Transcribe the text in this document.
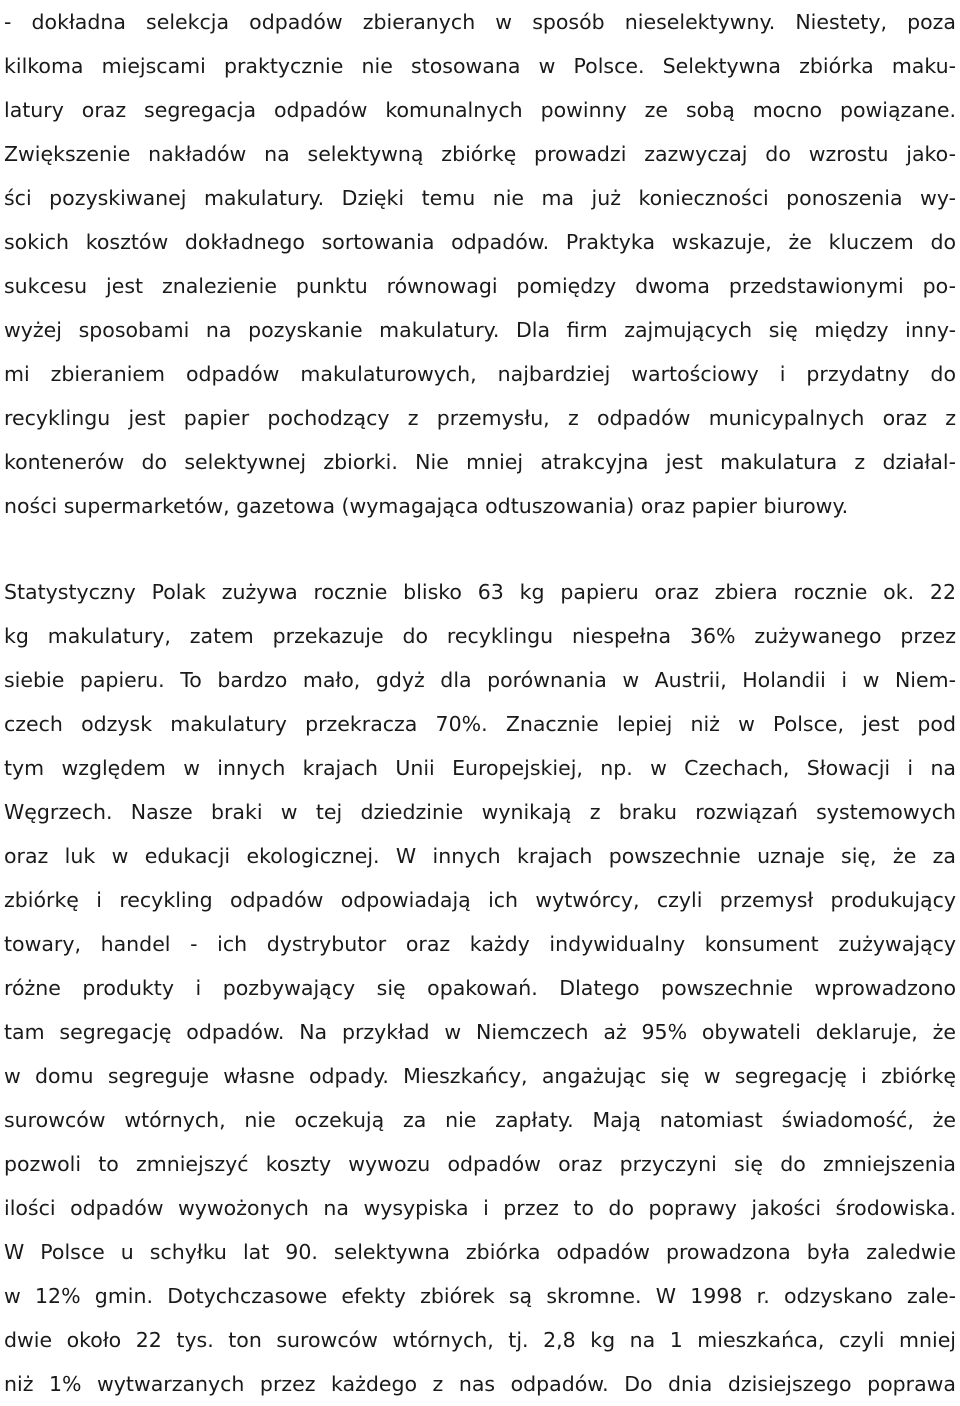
- dokładna selekcja odpadów zbieranych w sposób nieselektywny. Niestety, poza
kilkoma miejscami praktycznie nie stosowana w Polsce. Selektywna zbiórka maku-
latury oraz segregacja odpadów komunalnych powinny ze sobą mocno powiązane.
Zwiększenie nakładów na selektywną zbiórkę prowadzi zazwyczaj do wzrostu jako-
ści pozyskiwanej makulatury. Dzięki temu nie ma już konieczności ponoszenia wy-
sokich kosztów dokładnego sortowania odpadów. Praktyka wskazuje, że kluczem do
sukcesu jest znalezienie punktu równowagi pomiędzy dwoma przedstawionymi po-
wyżej sposobami na pozyskanie makulatury. Dla firm zajmujących się między inny-
mi zbieraniem odpadów makulaturowych, najbardziej wartościowy i przydatny do
recyklingu jest papier pochodzący z przemysłu, z odpadów municypalnych oraz z
kontenerów do selektywnej zbiorki. Nie mniej atrakcyjna jest makulatura z działal-
ności supermarketów, gazetowa (wymagająca odtuszowania) oraz papier biurowy.
Statystyczny Polak zużywa rocznie blisko 63 kg papieru oraz zbiera rocznie ok. 22
kg makulatury, zatem przekazuje do recyklingu niespełna 36% zużywanego przez
siebie papieru. To bardzo mało, gdyż dla porównania w Austrii, Holandii i w Niem-
czech odzysk makulatury przekracza 70%. Znacznie lepiej niż w Polsce, jest pod
tym względem w innych krajach Unii Europejskiej, np. w Czechach, Słowacji i na
Węgrzech. Nasze braki w tej dziedzinie wynikają z braku rozwiązań systemowych
oraz luk w edukacji ekologicznej. W innych krajach powszechnie uznaje się, że za
zbiórkę i recykling odpadów odpowiadają ich wytwórcy, czyli przemysł produkujący
towary, handel - ich dystrybutor oraz każdy indywidualny konsument zużywający
różne produkty i pozbywający się opakowań. Dlatego powszechnie wprowadzono
tam segregację odpadów. Na przykład w Niemczech aż 95% obywateli deklaruje, że
w domu segreguje własne odpady. Mieszkańcy, angażując się w segregację i zbiórkę
surowców wtórnych, nie oczekują za nie zapłaty. Mają natomiast świadomość, że
pozwoli to zmniejszyć koszty wywozu odpadów oraz przyczyni się do zmniejszenia
ilości odpadów wywożonych na wysypiska i przez to do poprawy jakości środowiska.
W Polsce u schyłku lat 90. selektywna zbiórka odpadów prowadzona była zaledwie
w 12% gmin. Dotychczasowe efekty zbiórek są skromne. W 1998 r. odzyskano zale-
dwie około 22 tys. ton surowców wtórnych, tj. 2,8 kg na 1 mieszkańca, czyli mniej
niż 1% wytwarzanych przez każdego z nas odpadów. Do dnia dzisiejszego poprawa
